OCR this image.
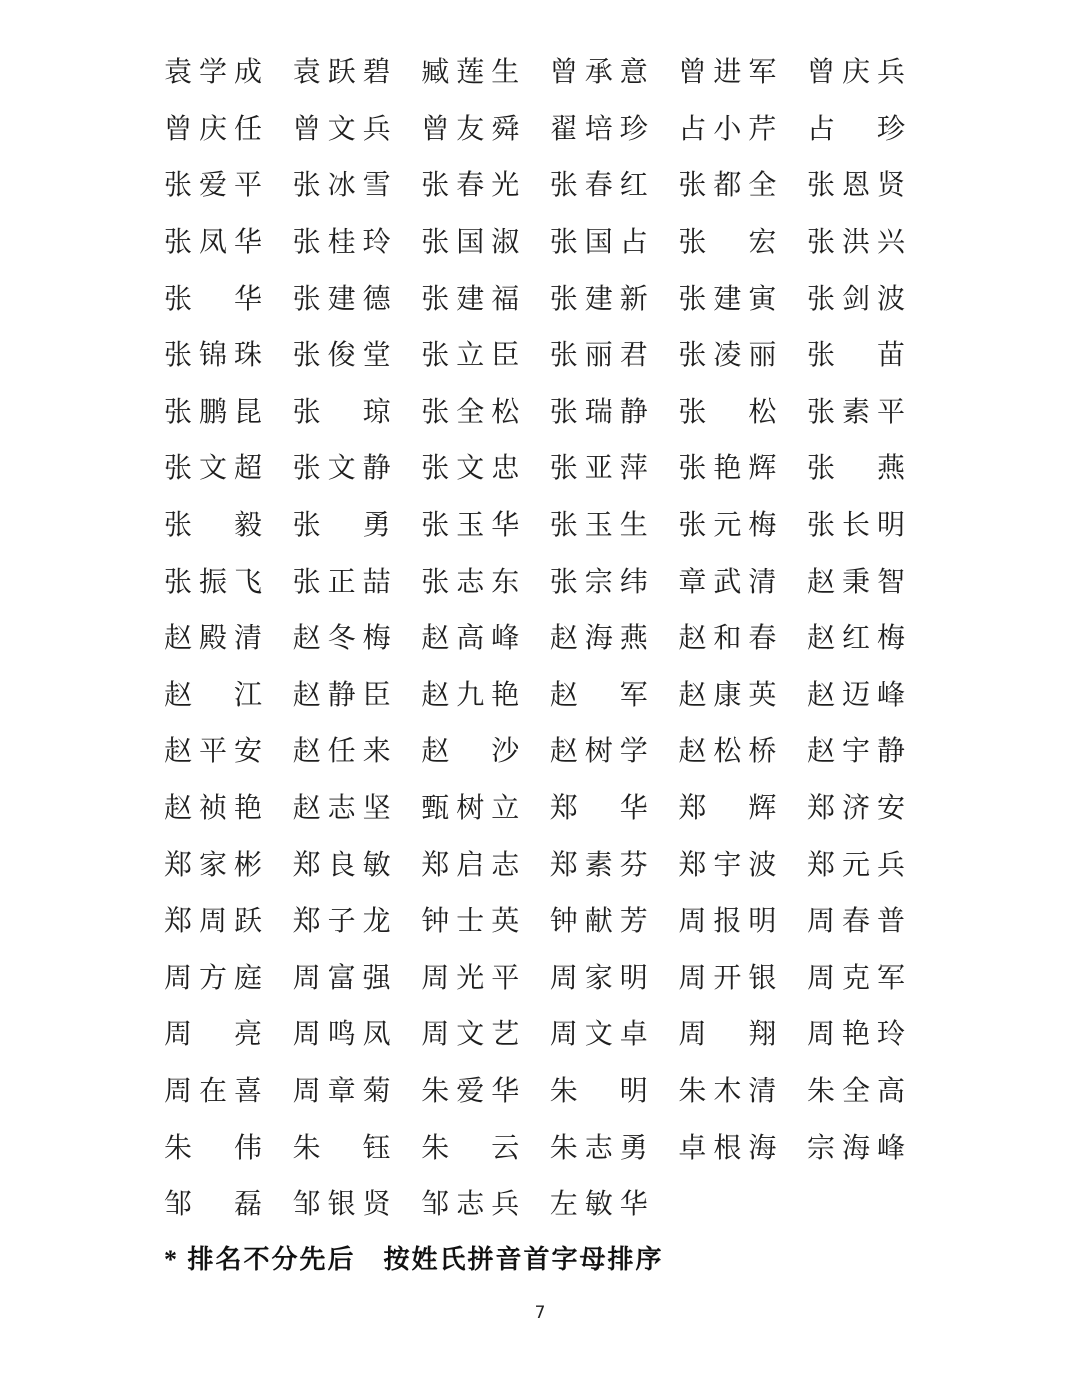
袁学成 袁跃碧 臧莲生 曾承意 曾进军 曾庆兵
曾庆任 曾文兵 曾友舜 翟培珍 占小芹 占　珍
张爱平 张冰雪 张春光 张春红 张都全 张恩贤
张凤华 张桂玲 张国淑 张国占 张　宏 张洪兴
张　华 张建德 张建福 张建新 张建寅 张剑波
张锦珠 张俊堂 张立臣 张丽君 张凌丽 张　苗
张鹏昆 张　琼 张全松 张瑞静 张　松 张素平
张文超 张文静 张文忠 张亚萍 张艳辉 张　燕
张　毅 张　勇 张玉华 张玉生 张元梅 张长明
张振飞 张正喆 张志东 张宗纬 章武清 赵秉智
赵殿清 赵冬梅 赵高峰 赵海燕 赵和春 赵红梅
赵　江 赵静臣 赵九艳 赵　军 赵康英 赵迈峰
赵平安 赵任来 赵　沙 赵树学 赵松桥 赵宇静
赵祯艳 赵志坚 甄树立 郑　华 郑　辉 郑济安
郑家彬 郑良敏 郑启志 郑素芬 郑宇波 郑元兵
郑周跃 郑子龙 钟士英 钟献芳 周报明 周春普
周方庭 周富强 周光平 周家明 周开银 周克军
周　亮 周鸣凤 周文艺 周文卓 周　翔 周艳玲
周在喜 周章菊 朱爱华 朱　明 朱木清 朱全高
朱　伟 朱　钰 朱　云 朱志勇 卓根海 宗海峰
邹　磊 邹银贤 邹志兵 左敏华
* 排名不分先后　按姓氏拼音首字母排序
7
